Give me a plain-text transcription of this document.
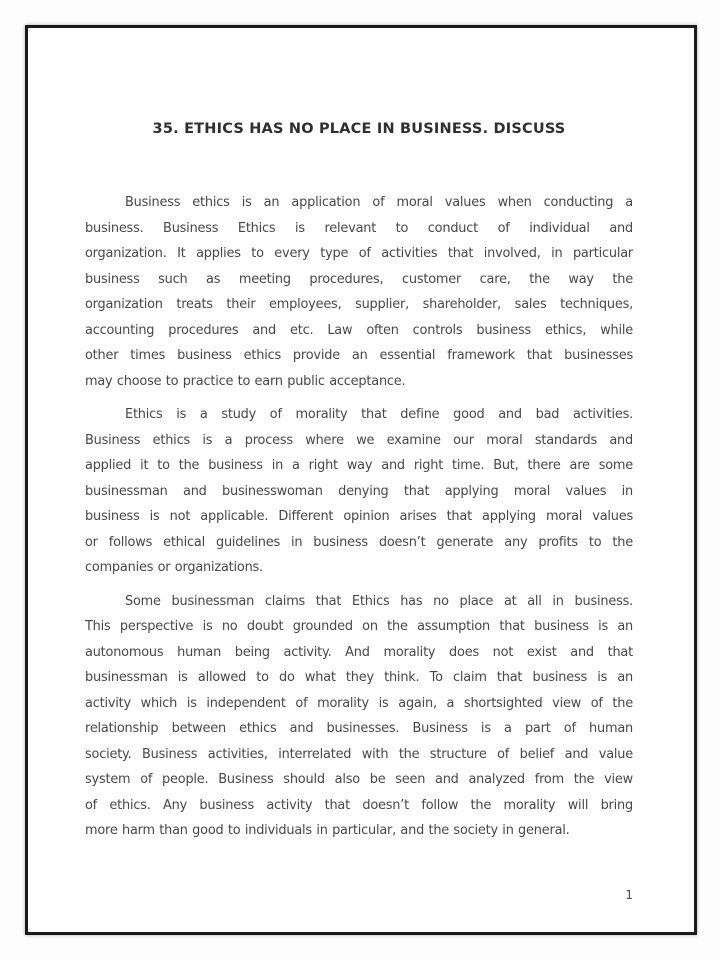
35. ETHICS HAS NO PLACE IN BUSINESS. DISCUSS

Business ethics is an application of moral values when conducting a
business. Business Ethics is relevant to conduct of individual and
organization. It applies to every type of activities that involved, in particular
business such as meeting procedures, customer care, the way the
organization treats their employees, supplier, shareholder, sales techniques,
accounting procedures and etc. Law often controls business ethics, while
other times business ethics provide an essential framework that businesses
may choose to practice to earn public acceptance.

Ethics is a study of morality that define good and bad activities.
Business ethics is a process where we examine our moral standards and
applied it to the business in a right way and right time. But, there are some
businessman and businesswoman denying that applying moral values in
business is not applicable. Different opinion arises that applying moral values
or follows ethical guidelines in business doesn’t generate any profits to the
companies or organizations.

Some businessman claims that Ethics has no place at all in business.
This perspective is no doubt grounded on the assumption that business is an
autonomous human being activity. And morality does not exist and that
businessman is allowed to do what they think. To claim that business is an
activity which is independent of morality is again, a shortsighted view of the
relationship between ethics and businesses. Business is a part of human
society. Business activities, interrelated with the structure of belief and value
system of people. Business should also be seen and analyzed from the view
of ethics. Any business activity that doesn’t follow the morality will bring
more harm than good to individuals in particular, and the society in general.

1
